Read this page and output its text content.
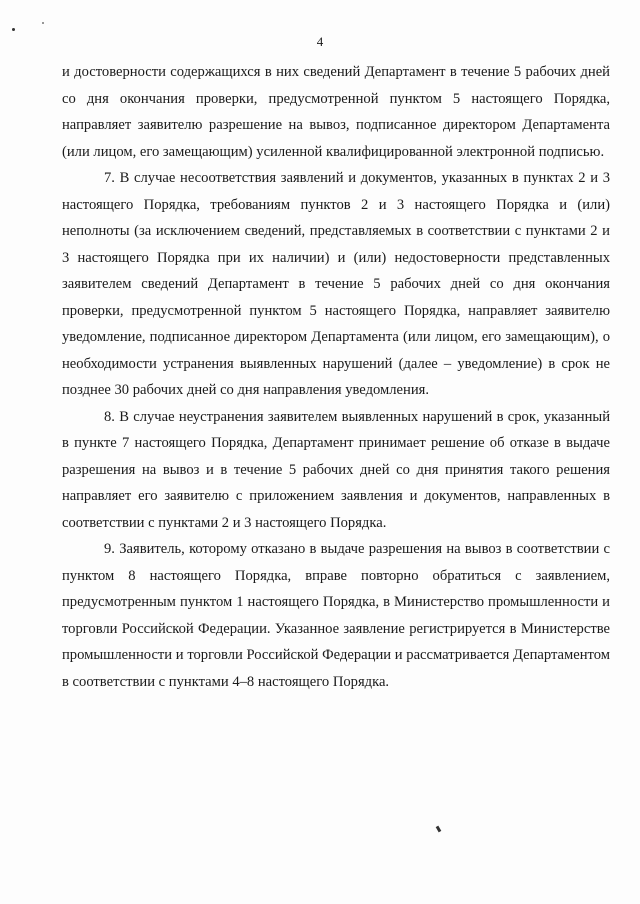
4

и достоверности содержащихся в них сведений Департамент в течение 5 рабочих дней со дня окончания проверки, предусмотренной пунктом 5 настоящего Порядка, направляет заявителю разрешение на вывоз, подписанное директором Департамента (или лицом, его замещающим) усиленной квалифицированной электронной подписью.

7. В случае несоответствия заявлений и документов, указанных в пунктах 2 и 3 настоящего Порядка, требованиям пунктов 2 и 3 настоящего Порядка и (или) неполноты (за исключением сведений, представляемых в соответствии с пунктами 2 и 3 настоящего Порядка при их наличии) и (или) недостоверности представленных заявителем сведений Департамент в течение 5 рабочих дней со дня окончания проверки, предусмотренной пунктом 5 настоящего Порядка, направляет заявителю уведомление, подписанное директором Департамента (или лицом, его замещающим), о необходимости устранения выявленных нарушений (далее – уведомление) в срок не позднее 30 рабочих дней со дня направления уведомления.

8. В случае неустранения заявителем выявленных нарушений в срок, указанный в пункте 7 настоящего Порядка, Департамент принимает решение об отказе в выдаче разрешения на вывоз и в течение 5 рабочих дней со дня принятия такого решения направляет его заявителю с приложением заявления и документов, направленных в соответствии с пунктами 2 и 3 настоящего Порядка.

9. Заявитель, которому отказано в выдаче разрешения на вывоз в соответствии с пунктом 8 настоящего Порядка, вправе повторно обратиться с заявлением, предусмотренным пунктом 1 настоящего Порядка, в Министерство промышленности и торговли Российской Федерации. Указанное заявление регистрируется в Министерстве промышленности и торговли Российской Федерации и рассматривается Департаментом в соответствии с пунктами 4–8 настоящего Порядка.
